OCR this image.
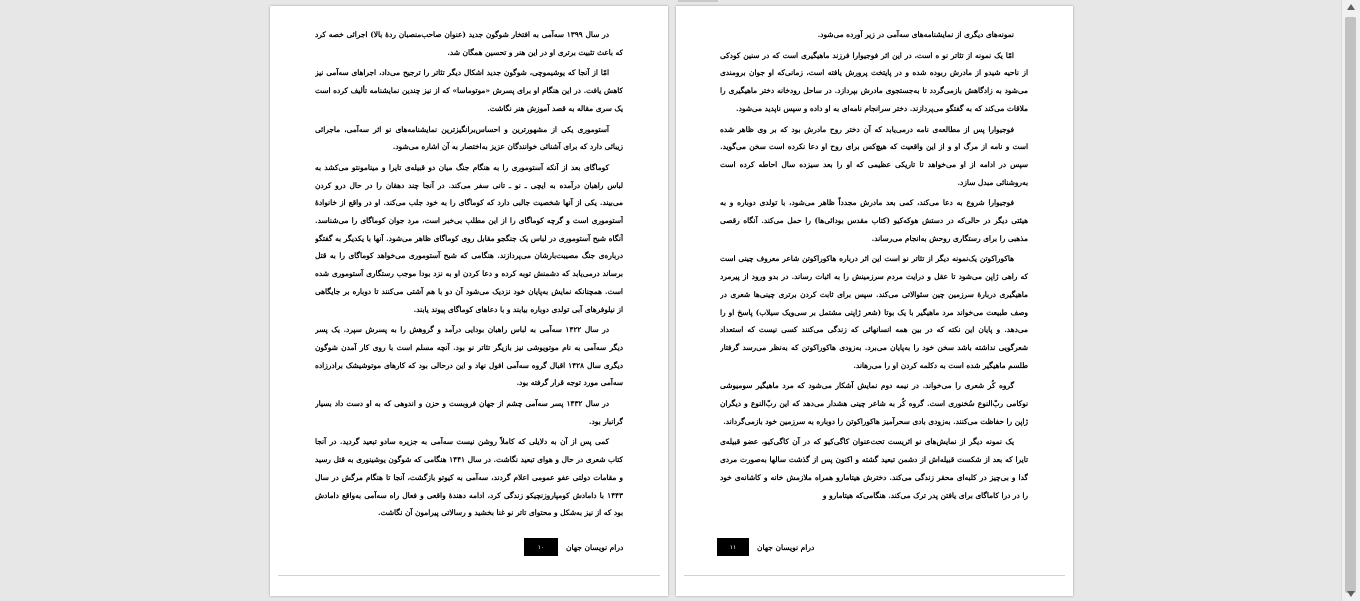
در سال ۱۳۹۹ سه‌آمی به افتخار شوگون جدید (عنوان صاحب‌منصبان ردهٔ بالا) اجرائی خصه کرد که باعث تثبیت برتری او در این هنر و تحسین همگان شد.

امّا از آنجا که یوشیموچی، شوگون جدید اشکال دیگر تئاتر را ترجیح می‌داد، اجراهای سه‌آمی نیز کاهش یافت. در این هنگام او برای پسرش «موتوماسا» که از نیز چندین نمایشنامه تألیف کرده است یک سری مقاله به قصد آموزش هنر نگاشت.

آستوموری یکی از مشهورترین و احساس‌برانگیزترین نمایشنامه‌های نو اثر سه‌آمی، ماجرائی زیبائی دارد که برای آشنائی خوانندگان عزیز به‌اختصار به آن اشاره می‌شود.

کوماگای بعد از آنکه آستوموری را به هنگام جنگ میان دو قبیله‌ی تایرا و مینامونتو می‌کشد به لباس راهبان درآمده به ایچی ـ نو ـ تانی سفر می‌کند. در آنجا چند دهقان را در حال درو کردن می‌بیند. یکی از آنها شخصیت جالبی دارد که کوماگای را به خود جلب می‌کند. او در واقع از خانوادهٔ آستوموری است و گرچه کوماگای را از این مطلب بی‌خبر است، مرد جوان کوماگای را می‌شناسد. آنگاه شبح آستوموری در لباس یک جنگجو مقابل روی کوماگای ظاهر می‌شود. آنها با یکدیگر به گفتگو درباره‌ی جنگ مصیبت‌بارشان می‌پردازند. هنگامی که شبح آستوموری می‌خواهد کوماگای را به قتل برساند درمی‌یابد که دشمنش توبه کرده و دعا کردن او به نزد بودا موجب رستگاری آستوموری شده است. همچنانکه نمایش به‌پایان خود نزدیک می‌شود آن دو با هم آشتی می‌کنند تا دوباره بر جایگاهی از نیلوفرهای آبی تولدی دوباره بیابند و با دعاهای کوماگای پیوند یابند.

در سال ۱۴۲۲ سه‌آمی به لباس راهبان بودایی درآمد و گروهش را به پسرش سپرد. یک پسر دیگر سه‌آمی به نام موتویوشی نیز بازیگر تئاتر نو بود. آنچه مسلم است با روی کار آمدن شوگون دیگری سال ۱۴۲۸ اقبال گروه سه‌آمی افول نهاد و این درحالی بود که کارهای موتوشیشک برادرزاده سه‌آمی مورد توجه قرار گرفته بود.

در سال ۱۴۳۲ پسر سه‌آمی چشم از جهان فروبست و حزن و اندوهی که به او دست داد بسیار گرانبار بود.

کمی پس از آن به دلایلی که کاملاً روشن نیست سه‌آمی به جزیره سادو تبعید گردید. در آنجا کتاب شعری در حال و هوای تبعید نگاشت. در سال ۱۴۴۱ هنگامی که شوگون یوشینوری به قتل رسید و مقامات دولتی عفو عمومی اعلام گردند، سه‌آمی به کیوتو بازگشت، آنجا تا هنگام مرگش در سال ۱۴۴۳ با دامادش کومپاروزنچیکو زندگی کرد، ادامه دهندهٔ واقعی و فعال راه سه‌آمی به‌واقع دامادش بود که از نیز به‌شکل و محتوای تاتر نو غنا بخشید و رسالاتی پیرامون آن نگاشت.

درام نویسان جهان
۱۰

نمونه‌های دیگری از نمایشنامه‌های سه‌آمی در زیر آورده می‌شود.

امّا یک نمونه از تئاتر نو ه است، در این اثر فوجیوارا فرزند ماهیگیری است که در سنین کودکی از ناحیه شیدو از مادرش ربوده شده و در پایتخت پرورش یافته است، زمانی‌که او جوان برومندی می‌شود به زادگاهش بازمی‌گردد تا به‌جستجوی مادرش بپردازد. در ساحل رودخانه دختر ماهیگیری را ملاقات می‌کند که به گفتگو می‌پردازند. دختر سرانجام نامه‌ای به او داده و سپس ناپدید می‌شود.

فوجیوارا پس از مطالعه‌ی نامه درمی‌یابد که آن دختر روح مادرش بود که بر وی ظاهر شده است و نامه از مرگ او و از این واقعیت که هیچ‌کس برای روح او دعا نکرده است سخن می‌گوید. سپس در ادامه از او می‌خواهد تا تاریکی عظیمی که او را بعد سیزده سال احاطه کرده است به‌روشنائی مبدل سازد.

فوجیوارا شروع به دعا می‌کند، کمی بعد مادرش مجدداً ظاهر می‌شود، با تولدی دوباره و به هیئتی دیگر در حالی‌که در دستش هوکه‌کیو (کتاب مقدس بودائی‌ها) را حمل می‌کند. آنگاه رقصی مذهبی را برای رستگاری روحش به‌انجام می‌رساند.

هاکوراکوتن یک‌نمونه دیگر از تئاتر نو است این اثر درباره هاکوراکوتن شاعر معروف چینی است که راهی ژاپن می‌شود تا عقل و درایت مردم سرزمینش را به اثبات رساند. در بدو ورود از پیرمرد ماهیگیری دربارهٔ سرزمین چین سئوالاتی می‌کند. سپس برای ثابت کردن برتری چینی‌ها شعری در وصف طبیعت می‌خواند مرد ماهیگیر با یک بوتا (شعر ژاپنی مشتمل بر سی‌ویک سیلاب) پاسخ او را می‌دهد. و پایان این نکته که در بین همه انسانهائی که زندگی می‌کنند کسی نیست که استعداد شعرگویی نداشته باشد سخن خود را به‌پایان می‌برد. به‌زودی هاکوراکوتن که به‌نظر می‌رسد گرفتار طلسم ماهیگیر شده است به دکلمه کردن او را می‌رهاند.

گروه کُر شعری را می‌خواند. در نیمه دوم نمایش آشکار می‌شود که مرد ماهیگیر سومیوشی نوکامی ربّ‌النوع سُخنوری است. گروه کُر به شاعر چینی هشدار می‌دهد که این ربّ‌النوع و دیگران ژاپن را حفاظت می‌کنند. به‌زودی بادی سحرآمیز هاکوراکوتن را دوباره به سرزمین خود بازمی‌گرداند.

یک نمونه دیگر از نمایش‌های نو اثریست تحت‌عنوان کاگی‌کیو که در آن کاگی‌کیو، عضو قبیله‌ی تایرا که بعد از شکست قبیله‌اش از دشمن تبعید گشته و اکنون پس از گذشت سالها به‌صورت مردی گدا و بی‌چیز در کلبه‌ای محقر زندگی می‌کند. دخترش هیتامارو همراه ملازمش خانه و کاشانه‌ی خود را در درا کاماگای برای یافتن پدر ترک می‌کند. هنگامی‌که هیتامارو و

درام نویسان جهان
۱۱
